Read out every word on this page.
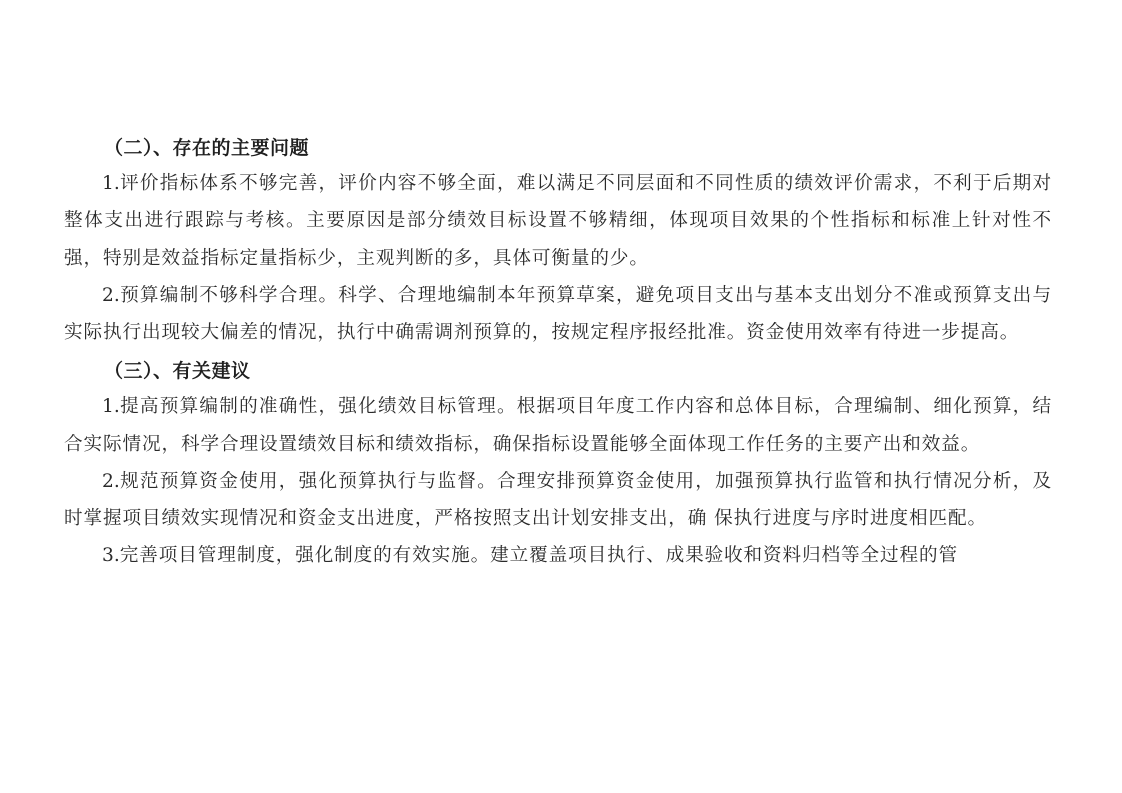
（二）、存在的主要问题

1.评价指标体系不够完善，评价内容不够全面，难以满足不同层面和不同性质的绩效评价需求，不利于后期对整体支出进行跟踪与考核。主要原因是部分绩效目标设置不够精细，体现项目效果的个性指标和标准上针对性不强，特别是效益指标定量指标少，主观判断的多，具体可衡量的少。

2.预算编制不够科学合理。科学、合理地编制本年预算草案，避免项目支出与基本支出划分不准或预算支出与实际执行出现较大偏差的情况，执行中确需调剂预算的，按规定程序报经批准。资金使用效率有待进一步提高。

（三）、有关建议

1.提高预算编制的准确性，强化绩效目标管理。根据项目年度工作内容和总体目标，合理编制、细化预算，结合实际情况，科学合理设置绩效目标和绩效指标，确保指标设置能够全面体现工作任务的主要产出和效益。

2.规范预算资金使用，强化预算执行与监督。合理安排预算资金使用，加强预算执行监管和执行情况分析，及时掌握项目绩效实现情况和资金支出进度，严格按照支出计划安排支出，确 保执行进度与序时进度相匹配。

3.完善项目管理制度，强化制度的有效实施。建立覆盖项目执行、成果验收和资料归档等全过程的管
